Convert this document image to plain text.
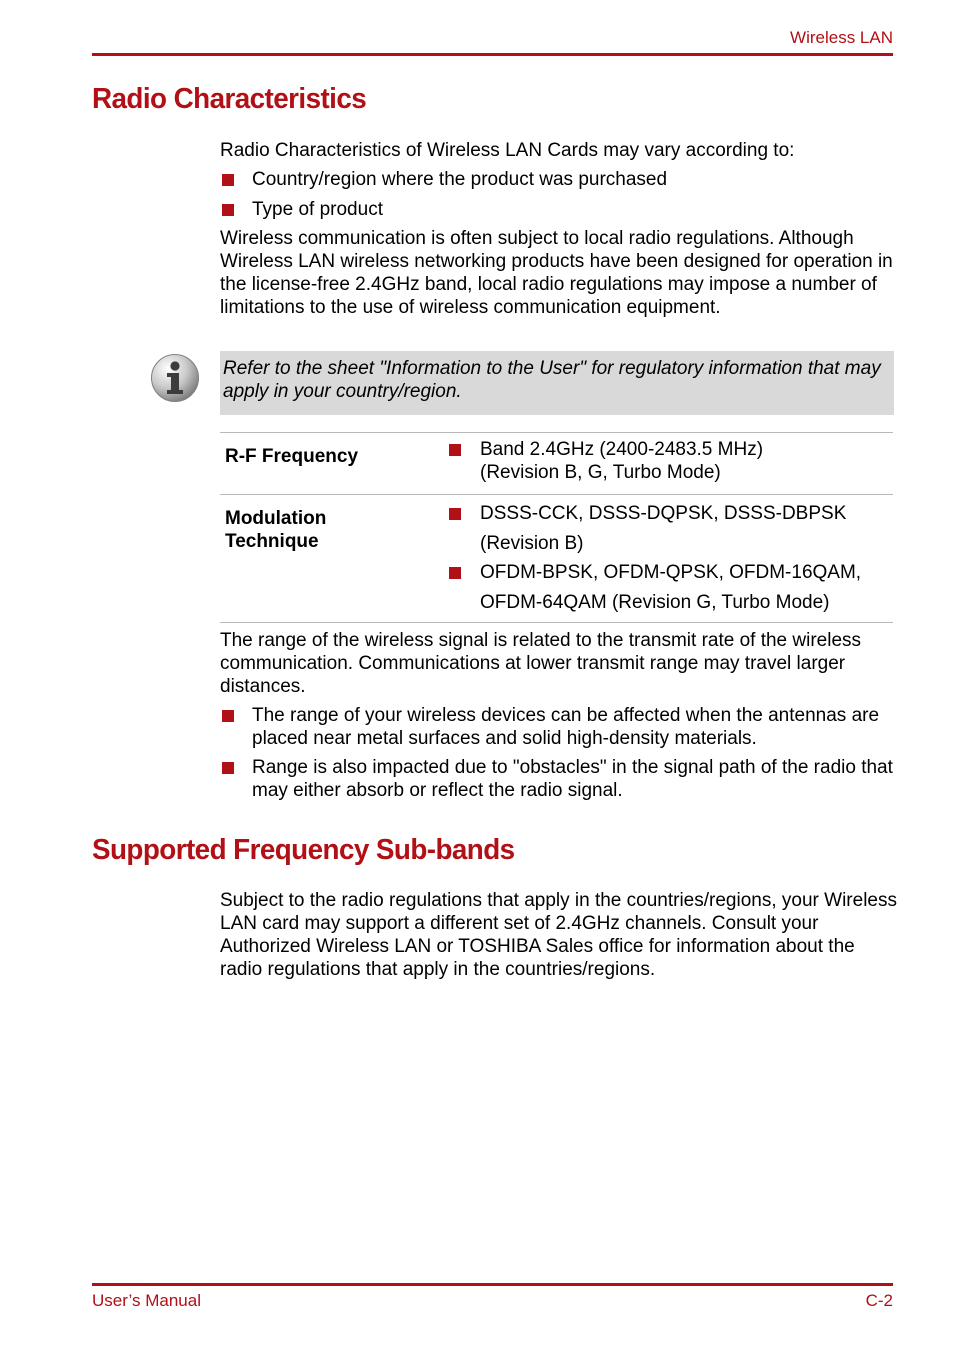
Wireless LAN
Radio Characteristics

Radio Characteristics of Wireless LAN Cards may vary according to:

Country/region where the product was purchased
Type of product

Wireless communication is often subject to local radio regulations. Although Wireless LAN wireless networking products have been designed for operation in the license-free 2.4GHz band, local radio regulations may impose a number of limitations to the use of wireless communication equipment.

Refer to the sheet "Information to the User" for regulatory information that may apply in your country/region.
R-F Frequency	Band 2.4GHz (2400-2483.5 MHz)
(Revision B, G, Turbo Mode)
Modulation
Technique
DSSS-CCK, DSSS-DQPSK, DSSS-DBPSK
(Revision B)
OFDM-BPSK, OFDM-QPSK, OFDM-16QAM,
OFDM-64QAM (Revision G, Turbo Mode)

The range of the wireless signal is related to the transmit rate of the wireless communication. Communications at lower transmit range may travel larger distances.

The range of your wireless devices can be affected when the antennas are placed near metal surfaces and solid high-density materials.
Range is also impacted due to "obstacles" in the signal path of the radio that may either absorb or reflect the radio signal.
Supported Frequency Sub-bands

Subject to the radio regulations that apply in the countries/regions, your Wireless LAN card may support a different set of 2.4GHz channels. Consult your Authorized Wireless LAN or TOSHIBA Sales office for information about the radio regulations that apply in the countries/regions.

User’s Manual	C-2
